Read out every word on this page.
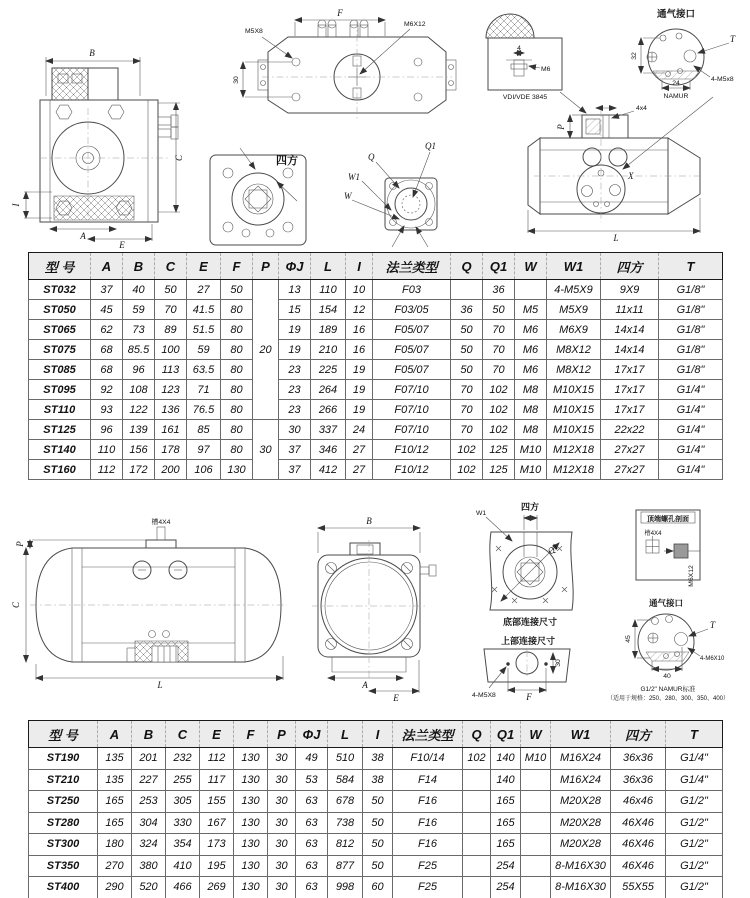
B
C
I
A
E
F
M5X8
M6X12
30
四方	Q
Q1
W1
W
4
M6
VDI/VDE 3845
通气接口
T
4-M5x8
32
24
NAMUR
4x4
P
X
L
型 号	A	B	C	E	F	P	ΦJ	L	I	法兰类型	Q	Q1	W	W1	四方	T
ST032	37	40	50	27	50	20	13	110	10	F03		36		4-M5X9	9X9	G1/8"
ST050	45	59	70	41.5	80		15	154	12	F03/05	36	50	M5	M5X9	11x11	G1/8"
ST065	62	73	89	51.5	80		19	189	16	F05/07	50	70	M6	M6X9	14x14	G1/8"
ST075	68	85.5	100	59	80		19	210	16	F05/07	50	70	M6	M8X12	14x14	G1/8"
ST085	68	96	113	63.5	80		23	225	19	F05/07	50	70	M6	M8X12	17x17	G1/8"
ST095	92	108	123	71	80		23	264	19	F07/10	70	102	M8	M10X15	17x17	G1/4"
ST110	93	122	136	76.5	80		23	266	19	F07/10	70	102	M8	M10X15	17x17	G1/4"
ST125	96	139	161	85	80	30	30	337	24	F07/10	70	102	M8	M10X15	22x22	G1/4"
ST140	110	156	178	97	80		37	346	27	F10/12	102	125	M10	M12X18	27x27	G1/4"
ST160	112	172	200	106	130		37	412	27	F10/12	102	125	M10	M12X18	27x27	G1/4"
槽4X4
P
C
L
B
A
E
四方
W1
Q1
底部连接尺寸
上部连接尺寸
30
F
4-M5X8
顶端螺孔剖面
槽4X4
M6X12
通气接口
45
40
T
4-M6X10
G1/2" NAMUR标准
（适用于规格：250、280、300、350、400）
型 号	A	B	C	E	F	P	ΦJ	L	I	法兰类型	Q	Q1	W	W1	四方	T
ST190	135	201	232	112	130	30	49	510	38	F10/14	102	140	M10	M16X24	36x36	G1/4"
ST210	135	227	255	117	130	30	53	584	38	F14		140		M16X24	36x36	G1/4"
ST250	165	253	305	155	130	30	63	678	50	F16		165		M20X28	46x46	G1/2"
ST280	165	304	330	167	130	30	63	738	50	F16		165		M20X28	46X46	G1/2"
ST300	180	324	354	173	130	30	63	812	50	F16		165		M20X28	46X46	G1/2"
ST350	270	380	410	195	130	30	63	877	50	F25		254		8-M16X30	46X46	G1/2"
ST400	290	520	466	269	130	30	63	998	60	F25		254		8-M16X30	55X55	G1/2"
